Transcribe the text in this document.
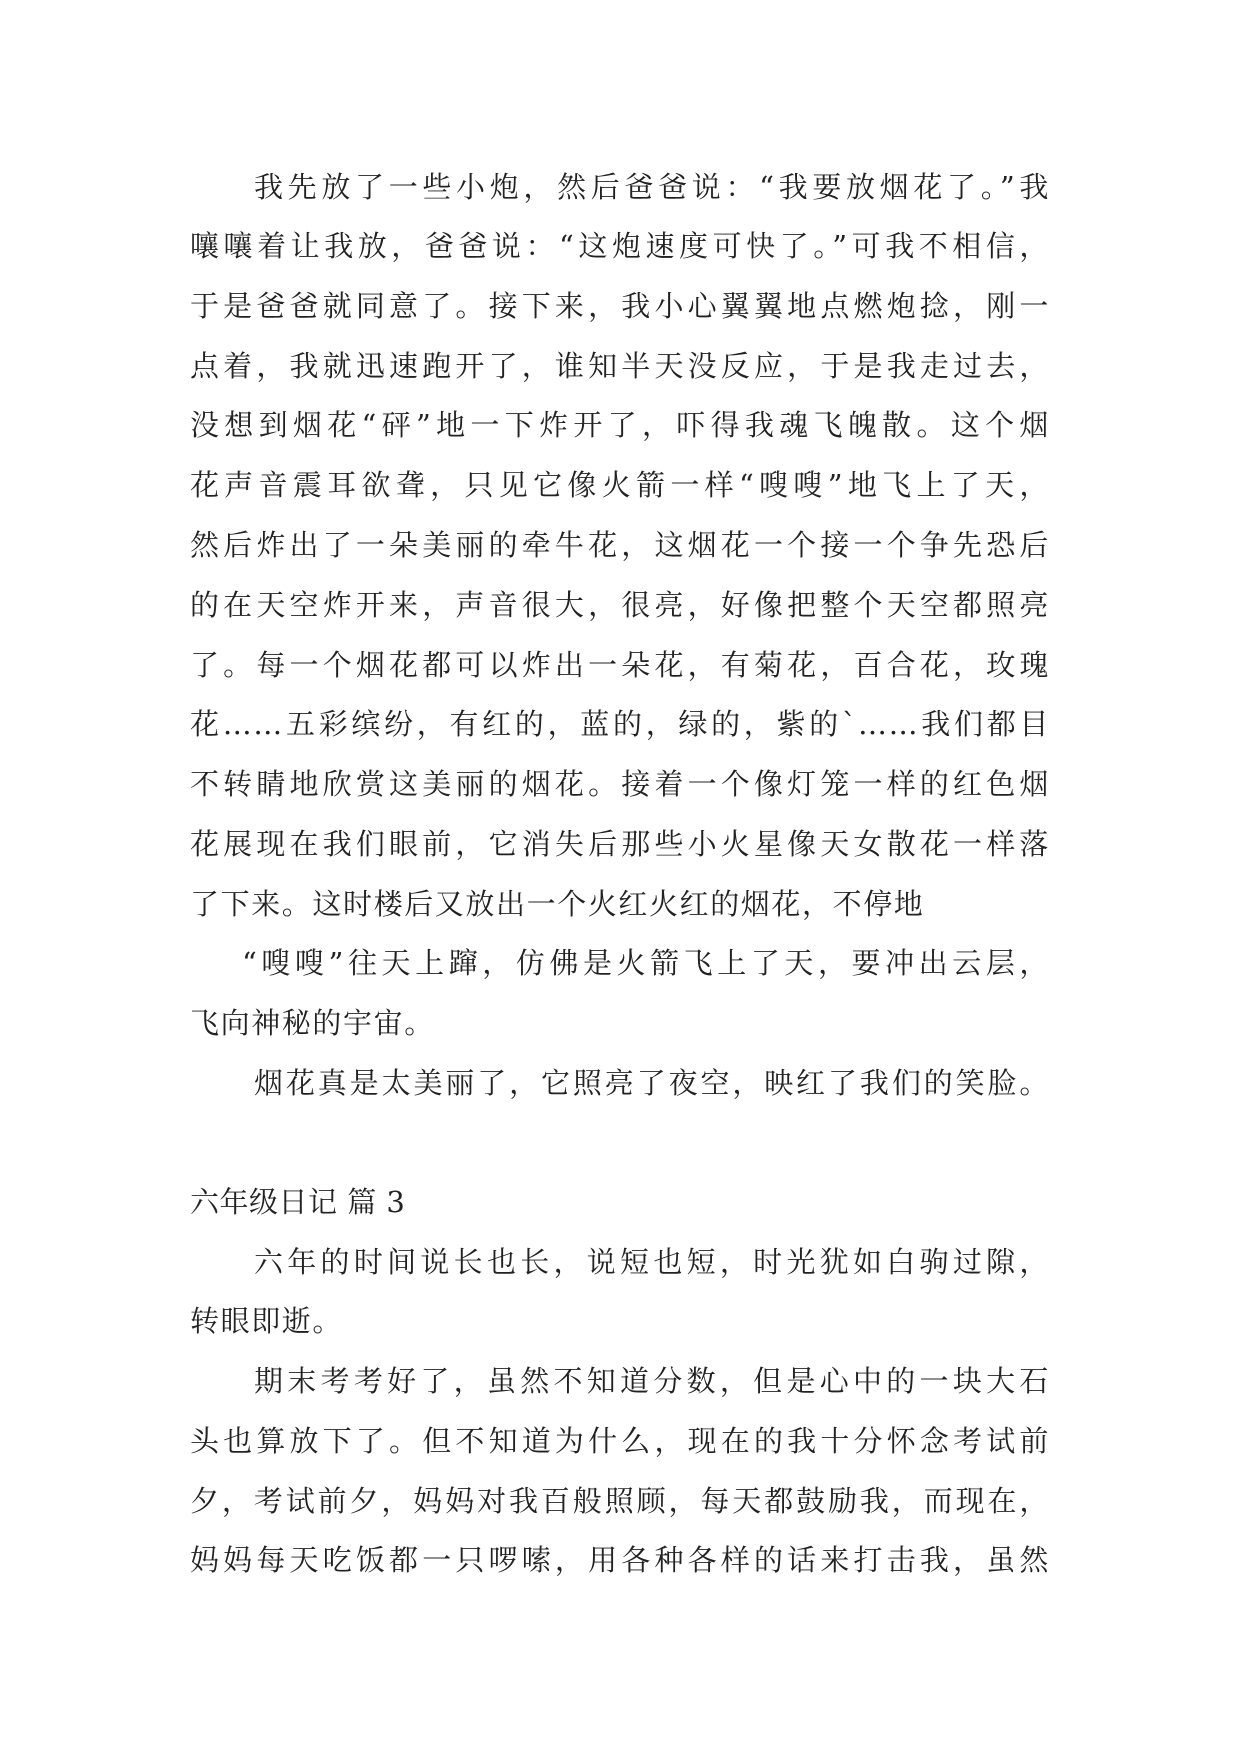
我先放了一些小炮，然后爸爸说：“我要放烟花了。”我
嚷嚷着让我放，爸爸说：“这炮速度可快了。”可我不相信，
于是爸爸就同意了。接下来，我小心翼翼地点燃炮捻，刚一
点着，我就迅速跑开了，谁知半天没反应，于是我走过去，
没想到烟花“砰”地一下炸开了，吓得我魂飞魄散。这个烟
花声音震耳欲聋，只见它像火箭一样“嗖嗖”地飞上了天，
然后炸出了一朵美丽的牵牛花，这烟花一个接一个争先恐后
的在天空炸开来，声音很大，很亮，好像把整个天空都照亮
了。每一个烟花都可以炸出一朵花，有菊花，百合花，玫瑰
花……五彩缤纷，有红的，蓝的，绿的，紫的`……我们都目
不转睛地欣赏这美丽的烟花。接着一个像灯笼一样的红色烟
花展现在我们眼前，它消失后那些小火星像天女散花一样落
了下来。这时楼后又放出一个火红火红的烟花，不停地
“嗖嗖”往天上蹿，仿佛是火箭飞上了天，要冲出云层，
飞向神秘的宇宙。
烟花真是太美丽了，它照亮了夜空，映红了我们的笑脸。
六年级日记 篇 3
六年的时间说长也长，说短也短，时光犹如白驹过隙，
转眼即逝。
期末考考好了，虽然不知道分数，但是心中的一块大石
头也算放下了。但不知道为什么，现在的我十分怀念考试前
夕，考试前夕，妈妈对我百般照顾，每天都鼓励我，而现在，
妈妈每天吃饭都一只啰嗦，用各种各样的话来打击我，虽然
